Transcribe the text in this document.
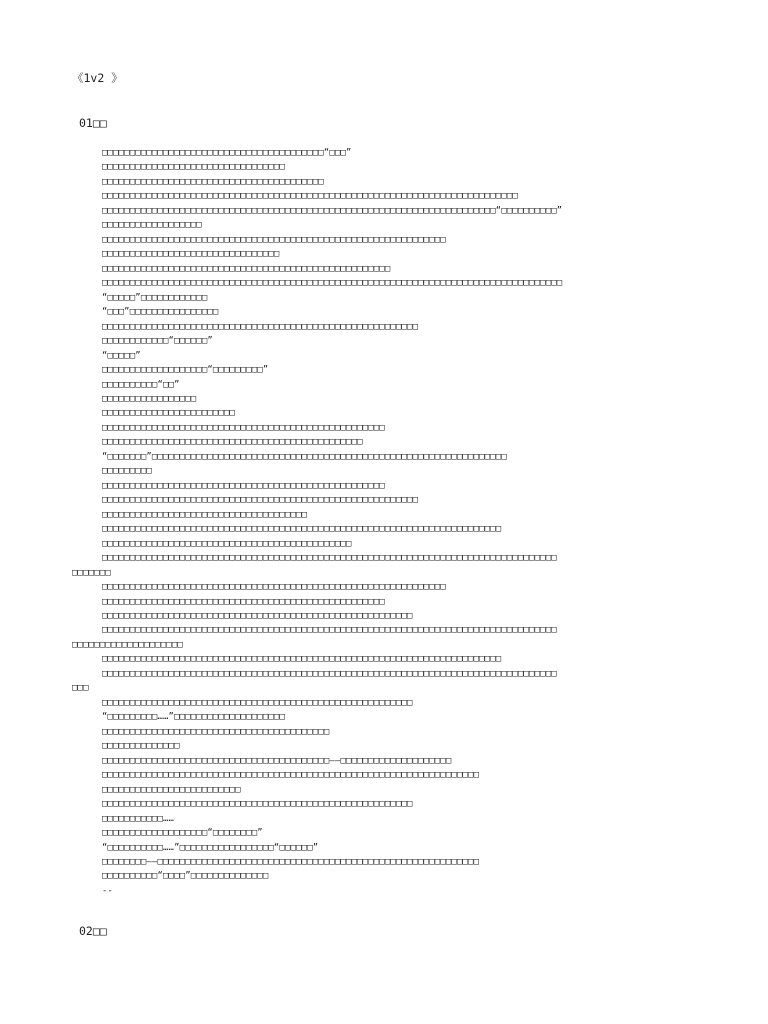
《1v2 》
01□□
□□□□□□□□□□□□□□□□□□□□□□□□□□□□□□□□□□□□□□□□“□□□”
□□□□□□□□□□□□□□□□□□□□□□□□□□□□□□□□□
□□□□□□□□□□□□□□□□□□□□□□□□□□□□□□□□□□□□□□□□
□□□□□□□□□□□□□□□□□□□□□□□□□□□□□□□□□□□□□□□□□□□□□□□□□□□□□□□□□□□□□□□□□□□□□□□□□□□
□□□□□□□□□□□□□□□□□□□□□□□□□□□□□□□□□□□□□□□□□□□□□□□□□□□□□□□□□□□□□□□□□□□□□□□“□□□□□□□□□□”
□□□□□□□□□□□□□□□□□□
□□□□□□□□□□□□□□□□□□□□□□□□□□□□□□□□□□□□□□□□□□□□□□□□□□□□□□□□□□□□□□
□□□□□□□□□□□□□□□□□□□□□□□□□□□□□□□□
□□□□□□□□□□□□□□□□□□□□□□□□□□□□□□□□□□□□□□□□□□□□□□□□□□□□
□□□□□□□□□□□□□□□□□□□□□□□□□□□□□□□□□□□□□□□□□□□□□□□□□□□□□□□□□□□□□□□□□□□□□□□□□□□□□□□□□□□
“□□□□□”□□□□□□□□□□□□
“□□□”□□□□□□□□□□□□□□□□
□□□□□□□□□□□□□□□□□□□□□□□□□□□□□□□□□□□□□□□□□□□□□□□□□□□□□□□□□
□□□□□□□□□□□□“□□□□□□”
“□□□□□”
□□□□□□□□□□□□□□□□□□□“□□□□□□□□□”
□□□□□□□□□□“□□”
□□□□□□□□□□□□□□□□□
□□□□□□□□□□□□□□□□□□□□□□□□
□□□□□□□□□□□□□□□□□□□□□□□□□□□□□□□□□□□□□□□□□□□□□□□□□□□
□□□□□□□□□□□□□□□□□□□□□□□□□□□□□□□□□□□□□□□□□□□□□□□
“□□□□□□□”□□□□□□□□□□□□□□□□□□□□□□□□□□□□□□□□□□□□□□□□□□□□□□□□□□□□□□□□□□□□□□□□
□□□□□□□□□
□□□□□□□□□□□□□□□□□□□□□□□□□□□□□□□□□□□□□□□□□□□□□□□□□□□
□□□□□□□□□□□□□□□□□□□□□□□□□□□□□□□□□□□□□□□□□□□□□□□□□□□□□□□□□
□□□□□□□□□□□□□□□□□□□□□□□□□□□□□□□□□□□□□
□□□□□□□□□□□□□□□□□□□□□□□□□□□□□□□□□□□□□□□□□□□□□□□□□□□□□□□□□□□□□□□□□□□□□□□□
□□□□□□□□□□□□□□□□□□□□□□□□□□□□□□□□□□□□□□□□□□□□□
□□□□□□□□□□□□□□□□□□□□□□□□□□□□□□□□□□□□□□□□□□□□□□□□□□□□□□□□□□□□□□□□□□□□□□□□□□□□□□□□□□
□□□□□□□
□□□□□□□□□□□□□□□□□□□□□□□□□□□□□□□□□□□□□□□□□□□□□□□□□□□□□□□□□□□□□□
□□□□□□□□□□□□□□□□□□□□□□□□□□□□□□□□□□□□□□□□□□□□□□□□□□□
□□□□□□□□□□□□□□□□□□□□□□□□□□□□□□□□□□□□□□□□□□□□□□□□□□□□□□□□
□□□□□□□□□□□□□□□□□□□□□□□□□□□□□□□□□□□□□□□□□□□□□□□□□□□□□□□□□□□□□□□□□□□□□□□□□□□□□□□□□□
□□□□□□□□□□□□□□□□□□□□
□□□□□□□□□□□□□□□□□□□□□□□□□□□□□□□□□□□□□□□□□□□□□□□□□□□□□□□□□□□□□□□□□□□□□□□□
□□□□□□□□□□□□□□□□□□□□□□□□□□□□□□□□□□□□□□□□□□□□□□□□□□□□□□□□□□□□□□□□□□□□□□□□□□□□□□□□□□
□□□
□□□□□□□□□□□□□□□□□□□□□□□□□□□□□□□□□□□□□□□□□□□□□□□□□□□□□□□□
“□□□□□□□□□……”□□□□□□□□□□□□□□□□□□□□
□□□□□□□□□□□□□□□□□□□□□□□□□□□□□□□□□□□□□□□□□
□□□□□□□□□□□□□□
□□□□□□□□□□□□□□□□□□□□□□□□□□□□□□□□□□□□□□□□□——□□□□□□□□□□□□□□□□□□□□
□□□□□□□□□□□□□□□□□□□□□□□□□□□□□□□□□□□□□□□□□□□□□□□□□□□□□□□□□□□□□□□□□□□□
□□□□□□□□□□□□□□□□□□□□□□□□□
□□□□□□□□□□□□□□□□□□□□□□□□□□□□□□□□□□□□□□□□□□□□□□□□□□□□□□□□
□□□□□□□□□□□……
□□□□□□□□□□□□□□□□□□□“□□□□□□□□”
“□□□□□□□□□□……”□□□□□□□□□□□□□□□□□“□□□□□□”
□□□□□□□□——□□□□□□□□□□□□□□□□□□□□□□□□□□□□□□□□□□□□□□□□□□□□□□□□□□□□□□□□□□
□□□□□□□□□□“□□□□”□□□□□□□□□□□□□□
--
02□□
